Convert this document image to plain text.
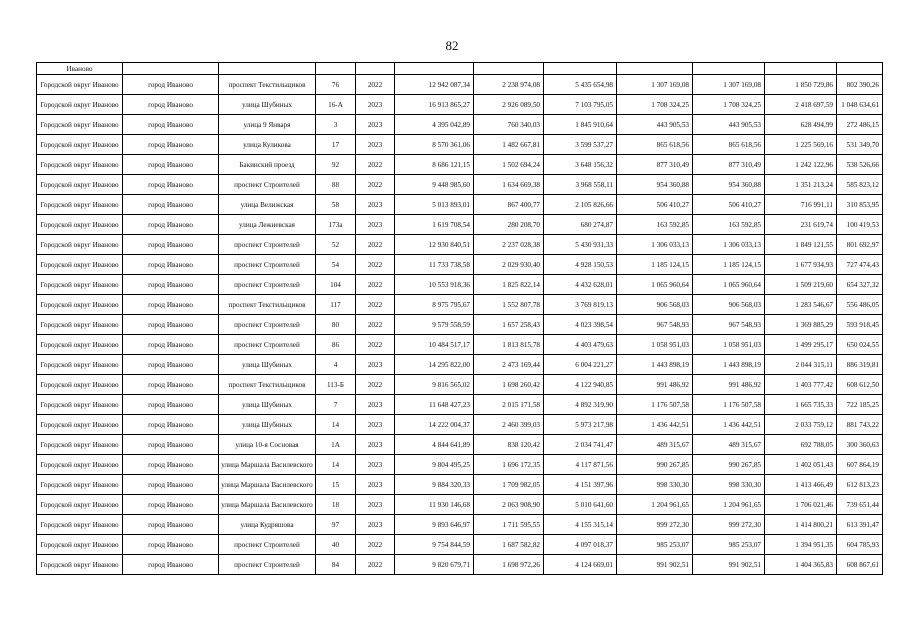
82
Иваново											
Городской округ Иваново	город Иваново	проспект Текстильщиков	76	2022	12 942 087,34	2 238 974,08	5 435 654,98	1 307 169,08	1 307 169,08	1 850 729,86	802 390,26
Городской округ Иваново	город Иваново	улица Шубиных	16-А	2023	16 913 865,27	2 926 089,50	7 103 795,05	1 708 324,25	1 708 324,25	2 418 697,59	1 048 634,61
Городской округ Иваново	город Иваново	улица 9 Января	3	2023	4 395 042,89	760 340,03	1 845 910,64	443 905,53	443 905,53	628 494,99	272 486,15
Городской округ Иваново	город Иваново	улица Куликова	17	2023	8 570 361,06	1 482 667,81	3 599 537,27	865 618,56	865 618,56	1 225 569,16	531 349,70
Городской округ Иваново	город Иваново	Бакинский проезд	92	2022	8 686 121,15	1 502 694,24	3 648 156,32	877 310,49	877 310,49	1 242 122,96	538 526,66
Городской округ Иваново	город Иваново	проспект Строителей	88	2022	9 448 985,60	1 634 669,38	3 968 558,11	954 360,88	954 360,88	1 351 213,24	585 823,12
Городской округ Иваново	город Иваново	улица Велижская	58	2023	5 013 893,01	867 400,77	2 105 826,66	506 410,27	506 410,27	716 991,11	310 853,95
Городской округ Иваново	город Иваново	улица Лежневская	173а	2023	1 619 708,54	280 208,70	680 274,87	163 592,85	163 592,85	231 619,74	100 419,53
Городской округ Иваново	город Иваново	проспект Строителей	52	2022	12 930 840,51	2 237 028,38	5 430 931,33	1 306 033,13	1 306 033,13	1 849 121,55	801 692,97
Городской округ Иваново	город Иваново	проспект Строителей	54	2022	11 733 738,58	2 029 930,40	4 928 150,53	1 185 124,15	1 185 124,15	1 677 934,93	727 474,43
Городской округ Иваново	город Иваново	проспект Строителей	104	2022	10 553 918,36	1 825 822,14	4 432 628,01	1 065 960,64	1 065 960,64	1 509 219,60	654 327,32
Городской округ Иваново	город Иваново	проспект Текстильщиков	117	2022	8 975 795,67	1 552 807,78	3 769 819,13	906 568,03	906 568,03	1 283 546,67	556 486,05
Городской округ Иваново	город Иваново	проспект Строителей	80	2022	9 579 558,59	1 657 258,43	4 023 398,54	967 548,93	967 548,93	1 369 885,29	593 918,45
Городской округ Иваново	город Иваново	проспект Строителей	86	2022	10 484 517,17	1 813 815,78	4 403 479,63	1 058 951,03	1 058 951,03	1 499 295,17	650 024,55
Городской округ Иваново	город Иваново	улица Шубиных	4	2023	14 295 822,00	2 473 169,44	6 004 221,27	1 443 898,19	1 443 898,19	2 044 315,11	886 319,81
Городской округ Иваново	город Иваново	проспект Текстильщиков	113-Б	2022	9 816 565,02	1 698 260,42	4 122 940,85	991 486,92	991 486,92	1 403 777,42	608 612,50
Городской округ Иваново	город Иваново	улица Шубиных	7	2023	11 648 427,23	2 015 171,58	4 892 319,90	1 176 507,58	1 176 507,58	1 665 735,33	722 185,25
Городской округ Иваново	город Иваново	улица Шубиных	14	2023	14 222 004,37	2 460 399,03	5 973 217,98	1 436 442,51	1 436 442,51	2 033 759,12	881 743,22
Городской округ Иваново	город Иваново	улица 10-я Сосновая	1А	2023	4 844 641,89	838 120,42	2 034 741,47	489 315,67	489 315,67	692 788,05	300 360,63
Городской округ Иваново	город Иваново	улица Маршала Василевского	14	2023	9 804 495,25	1 696 172,35	4 117 871,56	990 267,85	990 267,85	1 402 051,43	607 864,19
Городской округ Иваново	город Иваново	улица Маршала Василевского	15	2023	9 884 320,33	1 709 982,05	4 151 397,96	998 330,30	998 330,30	1 413 466,49	612 813,23
Городской округ Иваново	город Иваново	улица Маршала Василевского	18	2023	11 930 146,68	2 063 908,90	5 010 641,60	1 204 961,65	1 204 961,65	1 706 021,46	739 651,44
Городской округ Иваново	город Иваново	улица Кудряшова	97	2023	9 893 646,97	1 711 595,55	4 155 315,14	999 272,30	999 272,30	1 414 800,21	613 391,47
Городской округ Иваново	город Иваново	проспект Строителей	40	2022	9 754 844,59	1 687 582,82	4 097 018,37	985 253,07	985 253,07	1 394 951,35	604 785,93
Городской округ Иваново	город Иваново	проспект Строителей	84	2022	9 820 679,71	1 698 972,26	4 124 669,01	991 902,51	991 902,51	1 404 365,83	608 867,61
